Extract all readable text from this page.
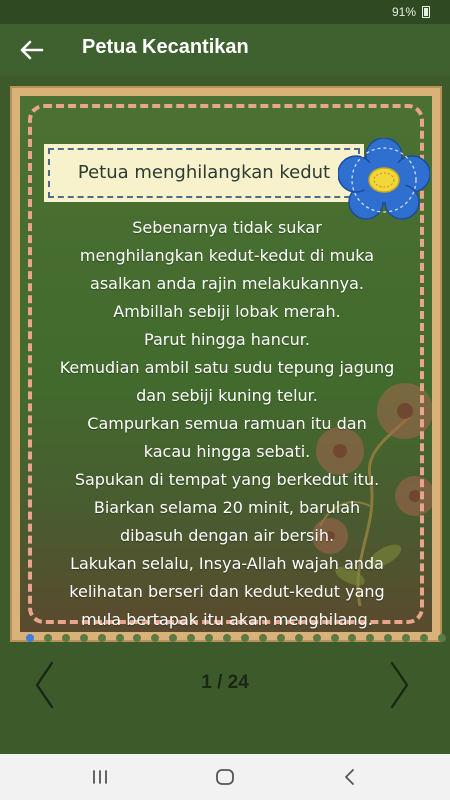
91%
Petua Kecantikan
Petua menghilangkan kedut
Sebenarnya tidak sukar
menghilangkan kedut-kedut di muka
asalkan anda rajin melakukannya.
Ambillah sebiji lobak merah.
Parut hingga hancur.
Kemudian ambil satu sudu tepung jagung
dan sebiji kuning telur.
Campurkan semua ramuan itu dan
kacau hingga sebati.
Sapukan di tempat yang berkedut itu.
Biarkan selama 20 minit, barulah
dibasuh dengan air bersih.
Lakukan selalu, Insya-Allah wajah anda
kelihatan berseri dan kedut-kedut yang
mula bertapak itu akan menghilang.
1 / 24
